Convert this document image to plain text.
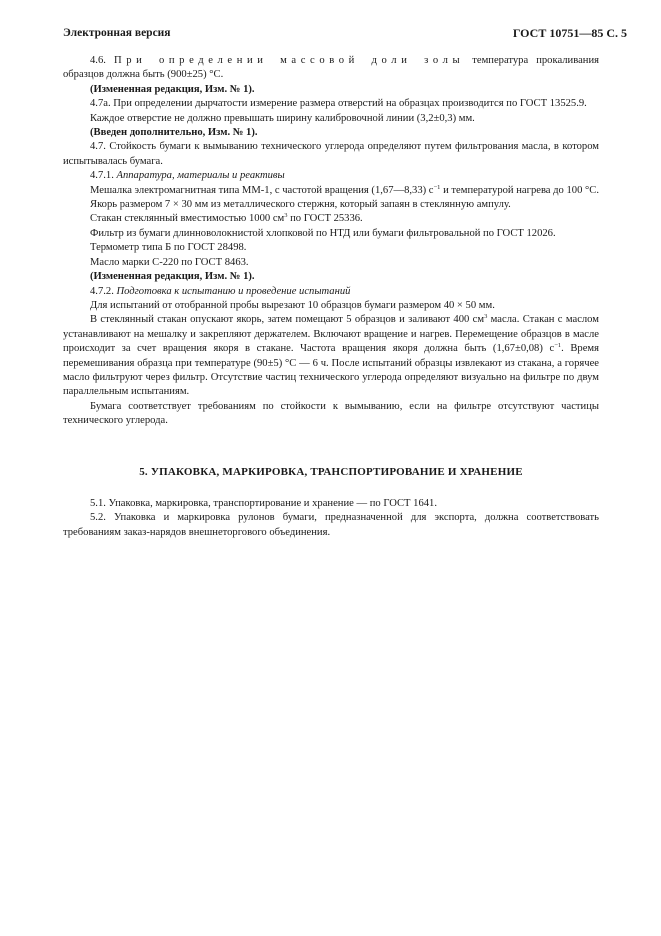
Электронная версия	ГОСТ 10751—85 С. 5

4.6. При определении массовой доли золы температура прокаливания образцов должна быть (900±25) °С.

(Измененная редакция, Изм. № 1).

4.7а. При определении дырчатости измерение размера отверстий на образцах производится по ГОСТ 13525.9.

Каждое отверстие не должно превышать ширину калибровочной линии (3,2±0,3) мм.

(Введен дополнительно, Изм. № 1).

4.7. Стойкость бумаги к вымыванию технического углерода определяют путем фильтрования масла, в котором испытывалась бумага.

4.7.1. Аппаратура, материалы и реактивы

Мешалка электромагнитная типа ММ-1, с частотой вращения (1,67—8,33) $с^{-1}$ и температурой нагрева до 100 °С.

Якорь размером 7 × 30 мм из металлического стержня, который запаян в стеклянную ампулу.

Стакан стеклянный вместимостью 1000 $см^3$ по ГОСТ 25336.

Фильтр из бумаги длинноволокнистой хлопковой по НТД или бумаги фильтровальной по ГОСТ 12026.

Термометр типа Б по ГОСТ 28498.

Масло марки С-220 по ГОСТ 8463.

(Измененная редакция, Изм. № 1).

4.7.2. Подготовка к испытанию и проведение испытаний

Для испытаний от отобранной пробы вырезают 10 образцов бумаги размером 40 × 50 мм.

В стеклянный стакан опускают якорь, затем помещают 5 образцов и заливают 400 $см^3$ масла. Стакан с маслом устанавливают на мешалку и закрепляют держателем. Включают вращение и нагрев. Перемещение образцов в масле происходит за счет вращения якоря в стакане. Частота вращения якоря должна быть (1,67±0,08) $с^{-1}$. Время перемешивания образца при температуре (90±5) °С — 6 ч. После испытаний образцы извлекают из стакана, а горячее масло фильтруют через фильтр. Отсутствие частиц технического углерода определяют визуально на фильтре по двум параллельным испытаниям.

Бумага соответствует требованиям по стойкости к вымыванию, если на фильтре отсутствуют частицы технического углерода.

5. УПАКОВКА, МАРКИРОВКА, ТРАНСПОРТИРОВАНИЕ И ХРАНЕНИЕ

5.1. Упаковка, маркировка, транспортирование и хранение — по ГОСТ 1641.

5.2. Упаковка и маркировка рулонов бумаги, предназначенной для экспорта, должна соответствовать требованиям заказ-нарядов внешнеторгового объединения.
